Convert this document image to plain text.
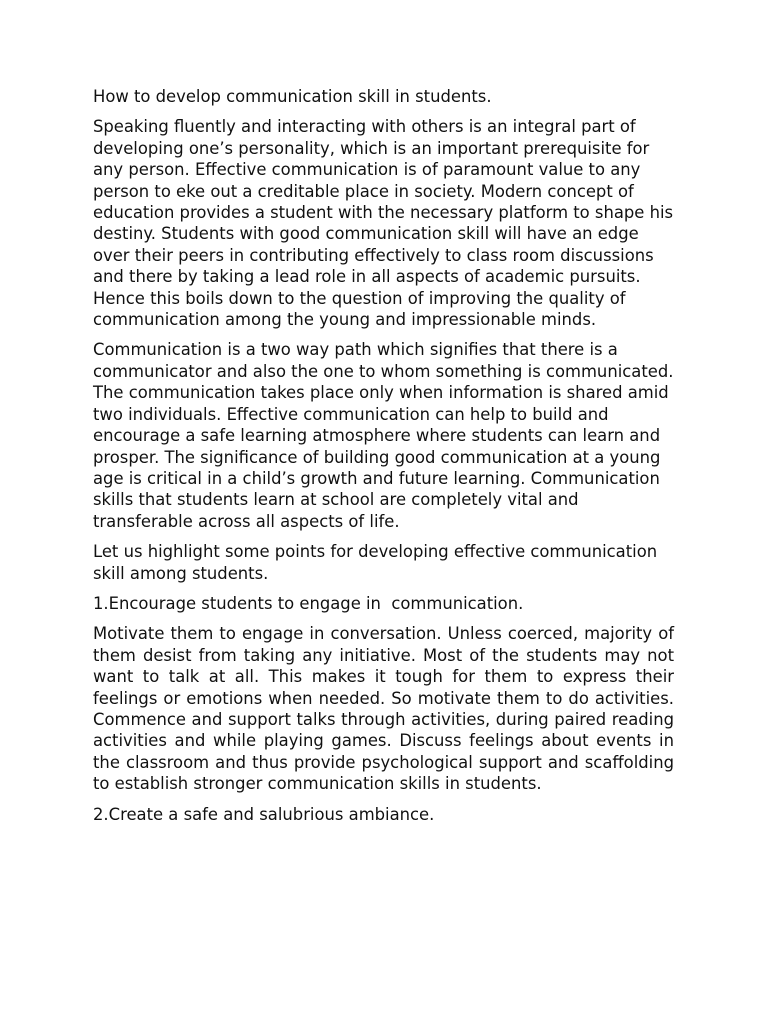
How to develop communication skill in students.

Speaking fluently and interacting with others is an integral part of developing one’s personality, which is an important prerequisite for any person. Effective communication is of paramount value to any person to eke out a creditable place in society. Modern concept of education provides a student with the necessary platform to shape his destiny. Students with good communication skill will have an edge over their peers in contributing effectively to class room discussions and there by taking a lead role in all aspects of academic pursuits. Hence this boils down to the question of improving the quality of communication among the young and impressionable minds.

Communication is a two way path which signifies that there is a communicator and also the one to whom something is communicated. The communication takes place only when information is shared amid two individuals. Effective communication can help to build and encourage a safe learning atmosphere where students can learn and prosper. The significance of building good communication at a young age is critical in a child’s growth and future learning. Communication skills that students learn at school are completely vital and transferable across all aspects of life.

Let us highlight some points for developing effective communication skill among students.

1.Encourage students to engage in  communication.

Motivate them to engage in conversation. Unless coerced, majority of them desist from taking any initiative. Most of the students may not want to talk at all. This makes it tough for them to express their feelings or emotions when needed. So motivate them to do activities. Commence and support talks through activities, during paired reading activities and while playing games. Discuss feelings about events in the classroom and thus provide psychological support and scaffolding to establish stronger communication skills in students.

2.Create a safe and salubrious ambiance.
